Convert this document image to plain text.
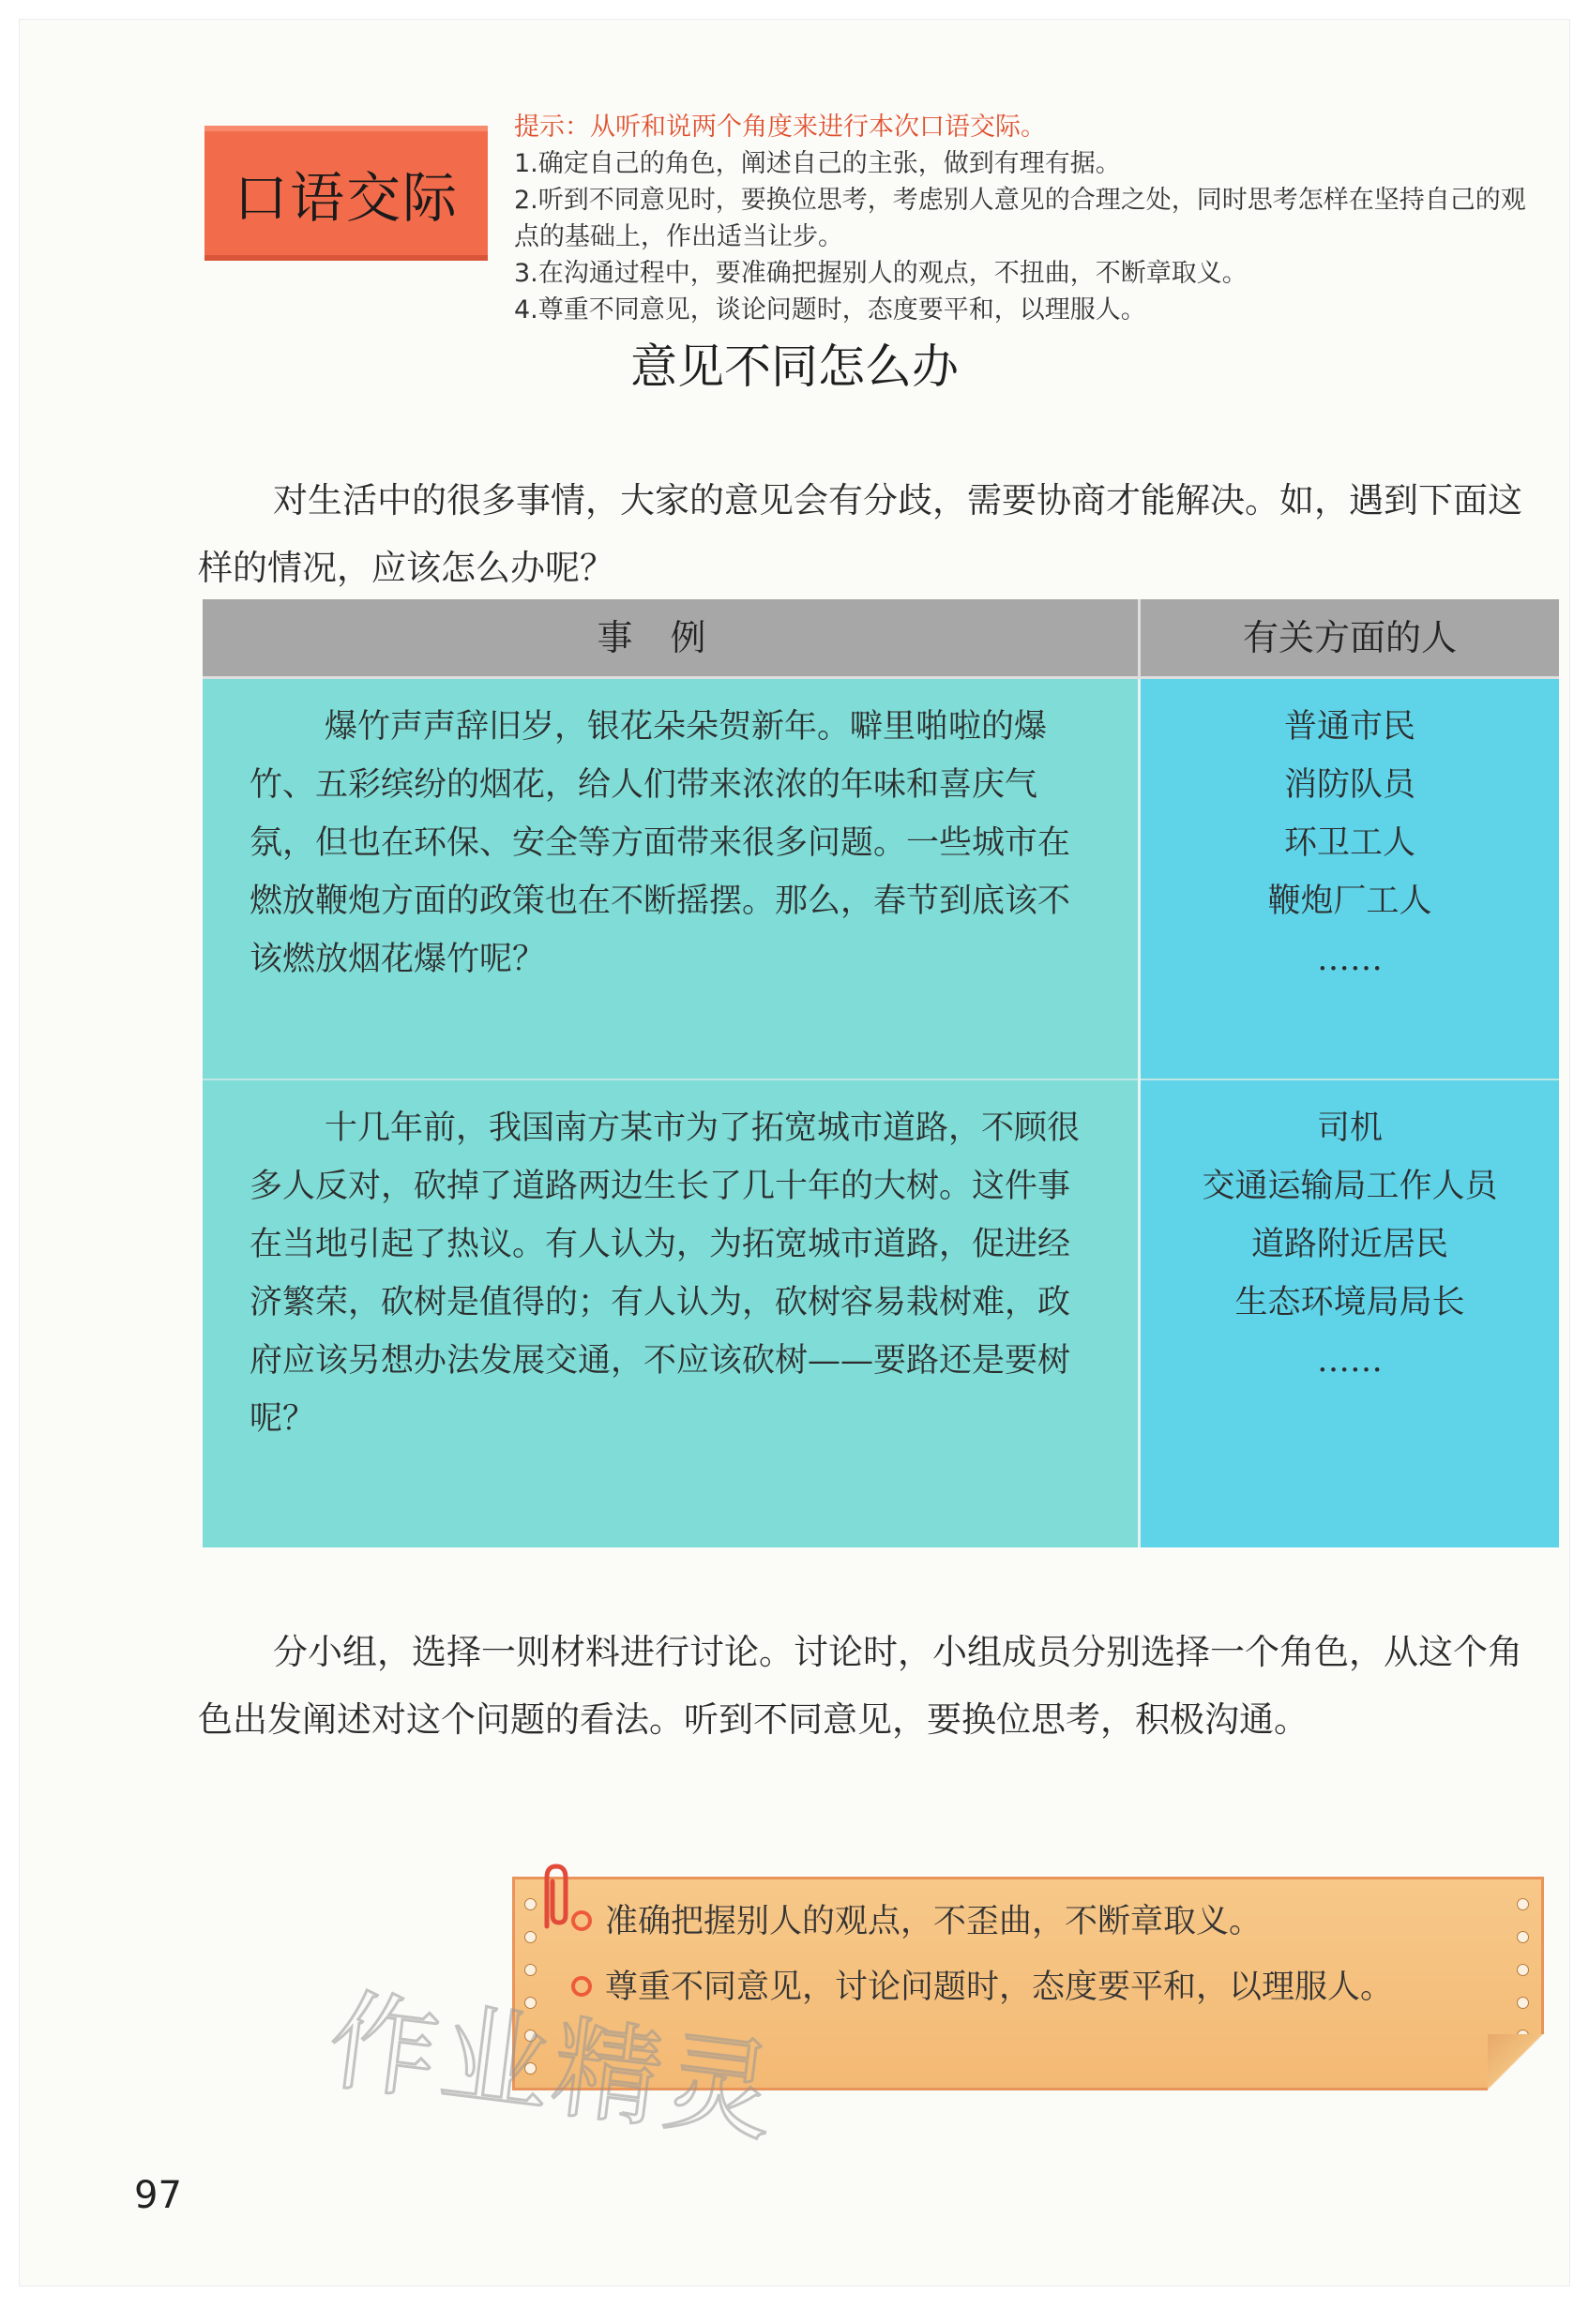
口语交际

提示：从听和说两个角度来进行本次口语交际。

1.确定自己的角色，阐述自己的主张，做到有理有据。

2.听到不同意见时，要换位思考，考虑别人意见的合理之处，同时思考怎样在坚持自己的观点的基础上，作出适当让步。

3.在沟通过程中，要准确把握别人的观点，不扭曲，不断章取义。

4.尊重不同意见，谈论问题时，态度要平和，以理服人。

意见不同怎么办
对生活中的很多事情，大家的意见会有分歧，需要协商才能解决。如，遇到下面这样的情况，应该怎么办呢？
事例	有关方面的人
爆竹声声辞旧岁，银花朵朵贺新年。噼里啪啦的爆竹、五彩缤纷的烟花，给人们带来浓浓的年味和喜庆气氛，但也在环保、安全等方面带来很多问题。一些城市在燃放鞭炮方面的政策也在不断摇摆。那么，春节到底该不该燃放烟花爆竹呢？	普通市民
消防队员
环卫工人
鞭炮厂工人
……

十几年前，我国南方某市为了拓宽城市道路，不顾很多人反对，砍掉了道路两边生长了几十年的大树。这件事在当地引起了热议。有人认为，为拓宽城市道路，促进经济繁荣，砍树是值得的；有人认为，砍树容易栽树难，政府应该另想办法发展交通，不应该砍树——要路还是要树呢？	司机
交通运输局工作人员
道路附近居民
生态环境局局长
……
分小组，选择一则材料进行讨论。讨论时，小组成员分别选择一个角色，从这个角色出发阐述对这个问题的看法。听到不同意见，要换位思考，积极沟通。
准确把握别人的观点，不歪曲，不断章取义。
尊重不同意见，讨论问题时，态度要平和，以理服人。
97
